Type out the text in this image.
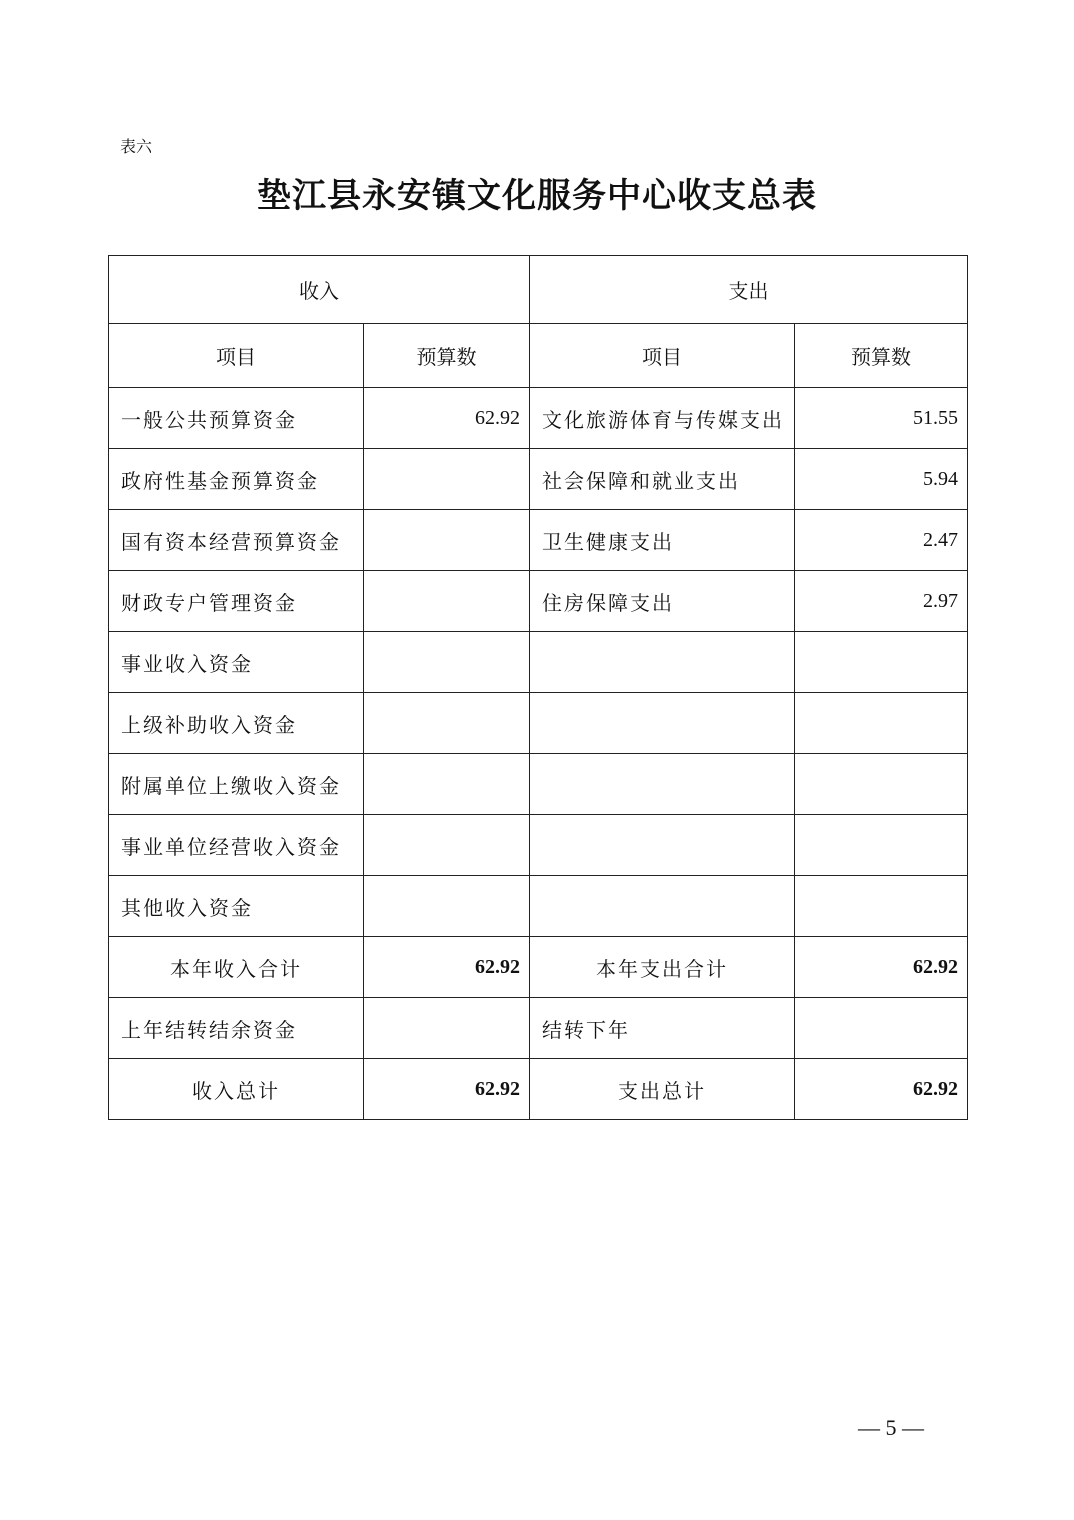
表六
垫江县永安镇文化服务中心收支总表
收入		支出	
项目	预算数	项目	预算数
一般公共预算资金	62.92	文化旅游体育与传媒支出	51.55
政府性基金预算资金		社会保障和就业支出	5.94
国有资本经营预算资金		卫生健康支出	2.47
财政专户管理资金		住房保障支出	2.97
事业收入资金			
上级补助收入资金			
附属单位上缴收入资金			
事业单位经营收入资金			
其他收入资金			
本年收入合计	62.92	本年支出合计	62.92
上年结转结余资金		结转下年	
收入总计	62.92	支出总计	62.92
— 5 —
